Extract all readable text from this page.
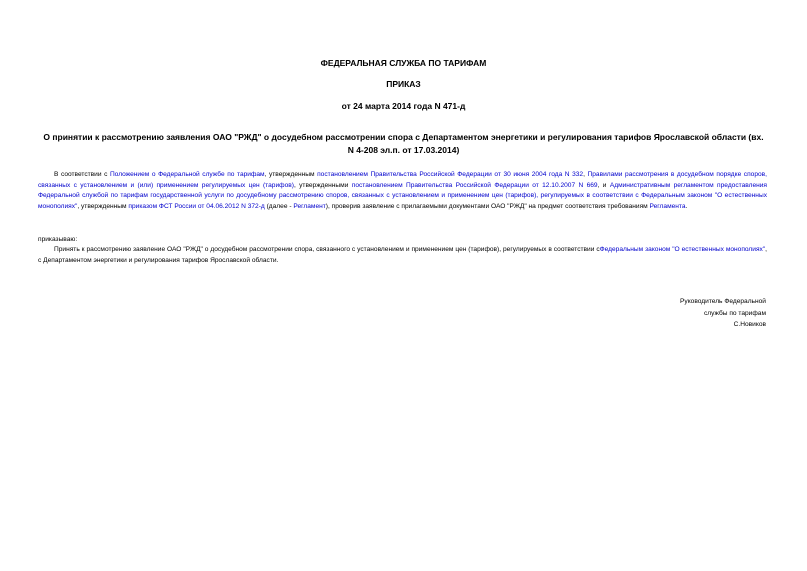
ФЕДЕРАЛЬНАЯ СЛУЖБА ПО ТАРИФАМ
ПРИКАЗ
от 24 марта 2014 года N 471-д
О принятии к рассмотрению заявления ОАО "РЖД" о досудебном рассмотрении спора с Департаментом энергетики и регулирования тарифов Ярославской области (вх. N 4-208 эл.п. от 17.03.2014)
В соответствии с Положением о Федеральной службе по тарифам, утвержденным постановлением Правительства Российской Федерации от 30 июня 2004 года N 332, Правилами рассмотрения в досудебном порядке споров, связанных с установлением и (или) применением регулируемых цен (тарифов), утвержденными постановлением Правительства Российской Федерации от 12.10.2007 N 669, и Административным регламентом предоставления Федеральной службой по тарифам государственной услуги по досудебному рассмотрению споров, связанных с установлением и применением цен (тарифов), регулируемых в соответствии с Федеральным законом "О естественных монополиях", утвержденным приказом ФСТ России от 04.06.2012 N 372-д (далее - Регламент), проверив заявление с прилагаемыми документами ОАО "РЖД" на предмет соответствия требованиям Регламента.
приказываю:
Принять к рассмотрению заявление ОАО "РЖД" о досудебном рассмотрении спора, связанного с установлением и применением цен (тарифов), регулируемых в соответствии сФедеральным законом "О естественных монополиях", с Департаментом энергетики и регулирования тарифов Ярославской области.
Руководитель Федеральной
службы по тарифам
С.Новиков
